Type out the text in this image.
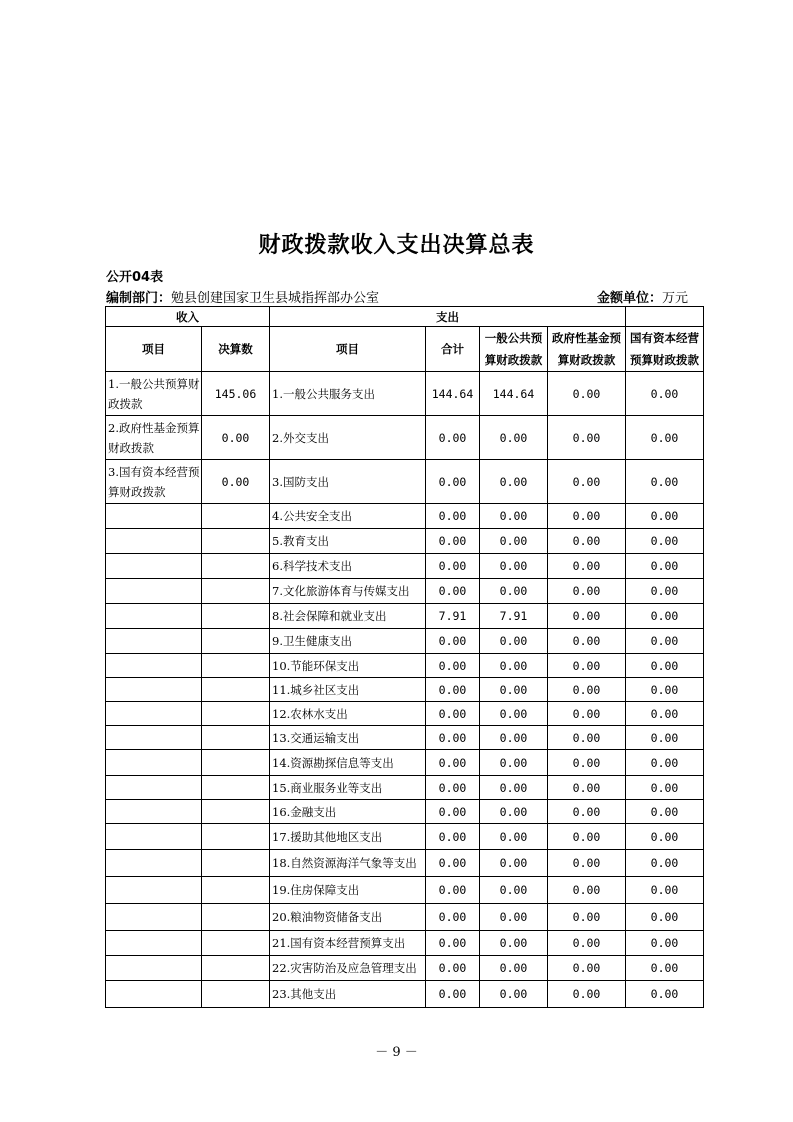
财政拨款收入支出决算总表
公开04表
编制部门：勉县创建国家卫生县城指挥部办公室	金额单位：万元
收入		支出				
项目	决算数	项目	合计	一般公共预算财政拨款	政府性基金预算财政拨款	国有资本经营预算财政拨款
1.一般公共预算财政拨款	145.06	1.一般公共服务支出	144.64	144.64	0.00	0.00
2.政府性基金预算财政拨款	0.00	2.外交支出	0.00	0.00	0.00	0.00
3.国有资本经营预算财政拨款	0.00	3.国防支出	0.00	0.00	0.00	0.00
		4.公共安全支出	0.00	0.00	0.00	0.00
		5.教育支出	0.00	0.00	0.00	0.00
		6.科学技术支出	0.00	0.00	0.00	0.00
		7.文化旅游体育与传媒支出	0.00	0.00	0.00	0.00
		8.社会保障和就业支出	7.91	7.91	0.00	0.00
		9.卫生健康支出	0.00	0.00	0.00	0.00
		10.节能环保支出	0.00	0.00	0.00	0.00
		11.城乡社区支出	0.00	0.00	0.00	0.00
		12.农林水支出	0.00	0.00	0.00	0.00
		13.交通运输支出	0.00	0.00	0.00	0.00
		14.资源勘探信息等支出	0.00	0.00	0.00	0.00
		15.商业服务业等支出	0.00	0.00	0.00	0.00
		16.金融支出	0.00	0.00	0.00	0.00
		17.援助其他地区支出	0.00	0.00	0.00	0.00
		18.自然资源海洋气象等支出	0.00	0.00	0.00	0.00
		19.住房保障支出	0.00	0.00	0.00	0.00
		20.粮油物资储备支出	0.00	0.00	0.00	0.00
		21.国有资本经营预算支出	0.00	0.00	0.00	0.00
		22.灾害防治及应急管理支出	0.00	0.00	0.00	0.00
		23.其他支出	0.00	0.00	0.00	0.00
－ 9 －
